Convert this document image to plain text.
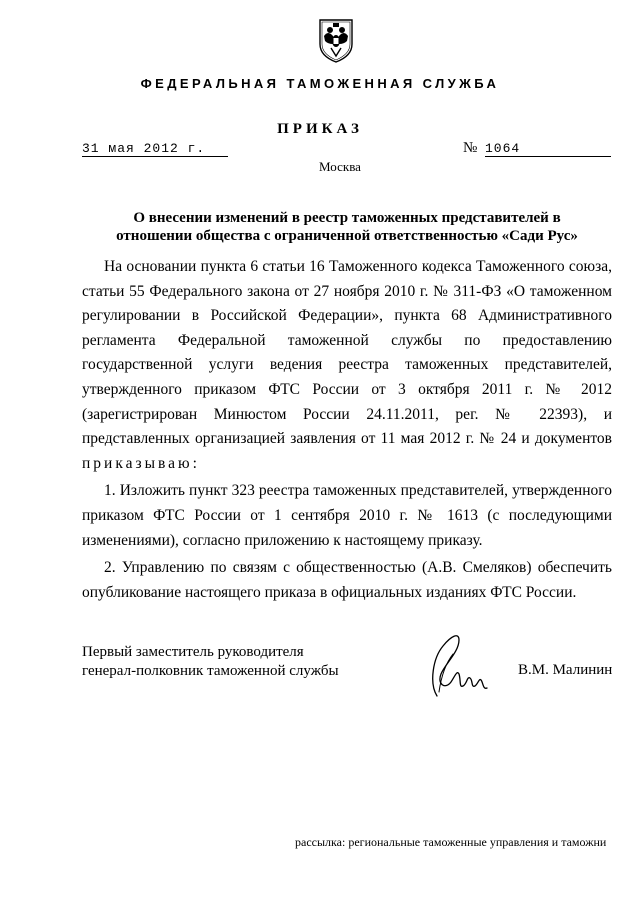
ФЕДЕРАЛЬНАЯ ТАМОЖЕННАЯ СЛУЖБА
ПРИКАЗ
31 мая 2012 г.	№ 1064
Москва
О внесении изменений в реестр таможенных представителей в
отношении общества с ограниченной ответственностью «Сади Рус»

На основании пункта 6 статьи 16 Таможенного кодекса Таможенного союза, статьи 55 Федерального закона от 27 ноября 2010 г. № 311-ФЗ «О таможенном регулировании в Российской Федерации», пункта 68 Административного регламента Федеральной таможенной службы по предоставлению государственной услуги ведения реестра таможенных представителей, утвержденного приказом ФТС России от 3 октября 2011 г. № 2012 (зарегистрирован Минюстом России 24.11.2011, рег. № 22393), и представленных организацией заявления от 11 мая 2012 г. № 24 и документов приказываю:

1. Изложить пункт 323 реестра таможенных представителей, утвержденного приказом ФТС России от 1 сентября 2010 г. № 1613 (с последующими изменениями), согласно приложению к настоящему приказу.

2. Управлению по связям с общественностью (А.В. Смеляков) обеспечить опубликование настоящего приказа в официальных изданиях ФТС России.

Первый заместитель руководителя
генерал-полковник таможенной службы	В.М. Малинин
рассылка: региональные таможенные управления и таможни
